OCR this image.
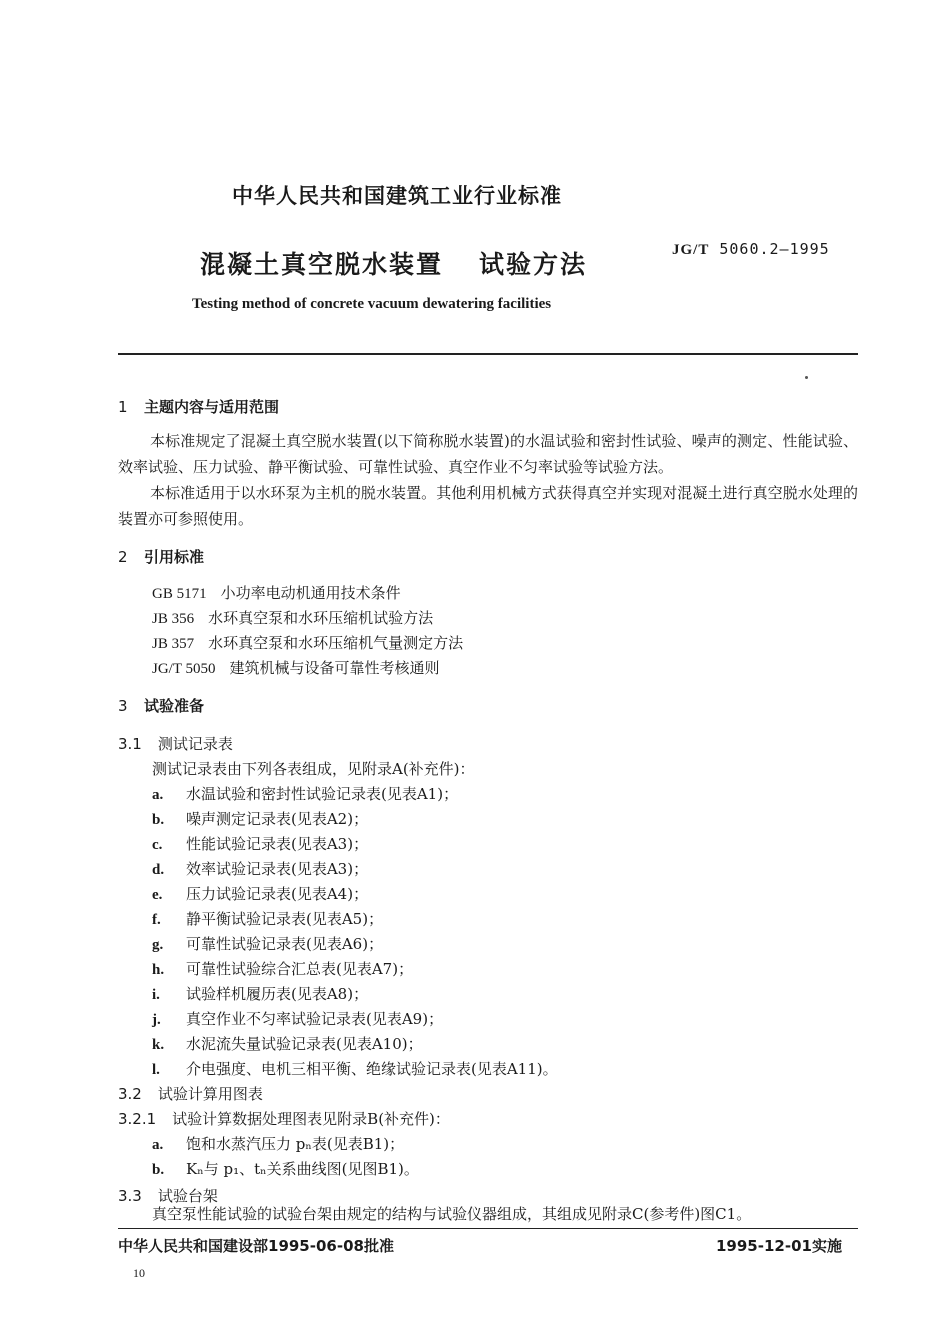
中华人民共和国建筑工业行业标准
混凝土真空脱水装置 试验方法	JG/T 5060.2—1995
Testing method of concrete vacuum dewatering facilities
1 主题内容与适用范围
本标准规定了混凝土真空脱水装置(以下简称脱水装置)的水温试验和密封性试验、噪声的测定、性能试验、效率试验、压力试验、静平衡试验、可靠性试验、真空作业不匀率试验等试验方法。
本标准适用于以水环泵为主机的脱水装置。其他利用机械方式获得真空并实现对混凝土进行真空脱水处理的装置亦可参照使用。
2 引用标准
GB 5171 小功率电动机通用技术条件
JB 356 水环真空泵和水环压缩机试验方法
JB 357 水环真空泵和水环压缩机气量测定方法
JG/T 5050 建筑机械与设备可靠性考核通则
3 试验准备
3.1 测试记录表
测试记录表由下列各表组成，见附录A(补充件)：
a. 水温试验和密封性试验记录表(见表A1)；
b. 噪声测定记录表(见表A2)；
c. 性能试验记录表(见表A3)；
d. 效率试验记录表(见表A3)；
e. 压力试验记录表(见表A4)；
f. 静平衡试验记录表(见表A5)；
g. 可靠性试验记录表(见表A6)；
h. 可靠性试验综合汇总表(见表A7)；
i. 试验样机履历表(见表A8)；
j. 真空作业不匀率试验记录表(见表A9)；
k. 水泥流失量试验记录表(见表A10)；
l. 介电强度、电机三相平衡、绝缘试验记录表(见表A11)。
3.2 试验计算用图表
3.2.1 试验计算数据处理图表见附录B(补充件)：
a. 饱和水蒸汽压力 pₙ表(见表B1)；
b. Kₙ与 p₁、tₙ关系曲线图(见图B1)。
3.3 试验台架
真空泵性能试验的试验台架由规定的结构与试验仪器组成，其组成见附录C(参考件)图C1。
中华人民共和国建设部1995-06-08批准	1995-12-01实施
10
